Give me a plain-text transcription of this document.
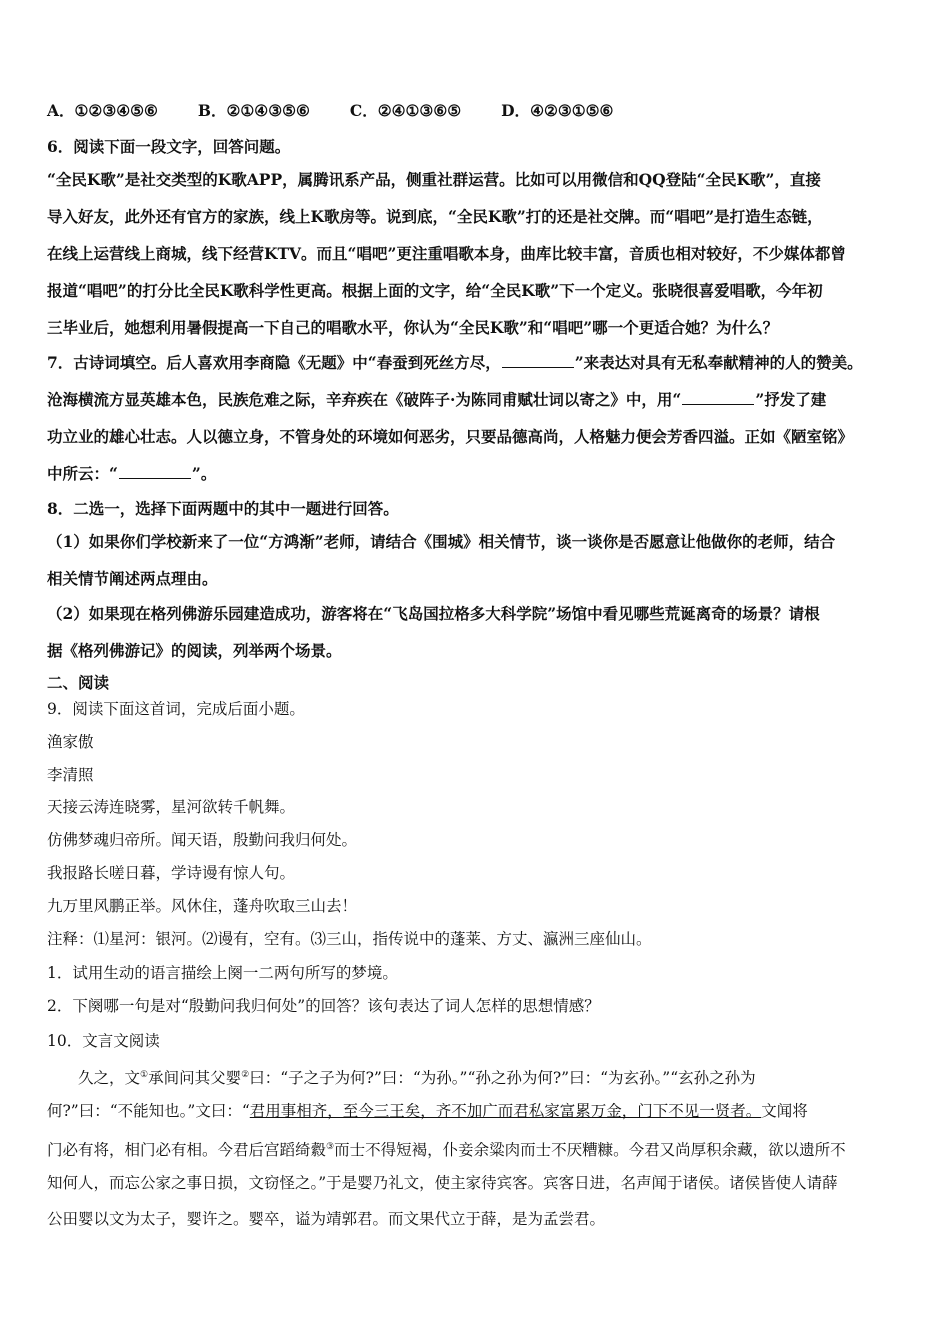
A．①②③④⑤⑥	B．②①④③⑤⑥	C．②④①③⑥⑤	D．④②③①⑤⑥
6．阅读下面一段文字，回答问题。
“全民K歌”是社交类型的K歌APP，属腾讯系产品，侧重社群运营。比如可以用微信和QQ登陆“全民K歌”，直接
导入好友，此外还有官方的家族，线上K歌房等。说到底，“全民K歌”打的还是社交牌。而“唱吧”是打造生态链，
在线上运营线上商城，线下经营KTV。而且“唱吧”更注重唱歌本身，曲库比较丰富，音质也相对较好，不少媒体都曾
报道“唱吧”的打分比全民K歌科学性更高。根据上面的文字，给“全民K歌”下一个定义。张晓很喜爱唱歌，今年初
三毕业后，她想利用暑假提高一下自己的唱歌水平，你认为“全民K歌”和“唱吧”哪一个更适合她？为什么？
7．古诗词填空。后人喜欢用李商隐《无题》中“春蚕到死丝方尽，	”来表达对具有无私奉献精神的人的赞美。
沧海横流方显英雄本色，民族危难之际，辛弃疾在《破阵子·为陈同甫赋壮词以寄之》中，用“	”抒发了建
功立业的雄心壮志。人以德立身，不管身处的环境如何恶劣，只要品德高尚，人格魅力便会芳香四溢。正如《陋室铭》
中所云：“	”。
8．二选一，选择下面两题中的其中一题进行回答。
（1）如果你们学校新来了一位“方鸿渐”老师，请结合《围城》相关情节，谈一谈你是否愿意让他做你的老师，结合
相关情节阐述两点理由。
（2）如果现在格列佛游乐园建造成功，游客将在“飞岛国拉格多大科学院”场馆中看见哪些荒诞离奇的场景？请根
据《格列佛游记》的阅读，列举两个场景。
二、阅读
9．阅读下面这首词，完成后面小题。
渔家傲
李清照
天接云涛连晓雾，星河欲转千帆舞。
仿佛梦魂归帝所。闻天语，殷勤问我归何处。
我报路长嗟日暮，学诗谩有惊人句。
九万里风鹏正举。风休住，蓬舟吹取三山去！
注释：⑴星河：银河。⑵谩有，空有。⑶三山，指传说中的蓬莱、方丈、瀛洲三座仙山。
1．试用生动的语言描绘上阕一二两句所写的梦境。
2．下阕哪一句是对“殷勤问我归何处”的回答？该句表达了词人怎样的思想情感？
10．文言文阅读
久之，文①承间问其父婴②曰：“子之子为何?”曰：“为孙。”“孙之孙为何?”曰：“为玄孙。”“玄孙之孙为
何?”曰：“不能知也。”文曰：“君用事相齐，至今三王矣，齐不加广而君私家富累万金，门下不见一贤者。文闻将
门必有将，相门必有相。今君后宫蹈绮縠③而士不得短褐，仆妾余粱肉而士不厌糟糠。今君又尚厚积余藏，欲以遗所不
知何人，而忘公家之事日损，文窃怪之。”于是婴乃礼文，使主家待宾客。宾客日进，名声闻于诸侯。诸侯皆使人请薛
公田婴以文为太子，婴许之。婴卒，谥为靖郭君。而文果代立于薛，是为孟尝君。
